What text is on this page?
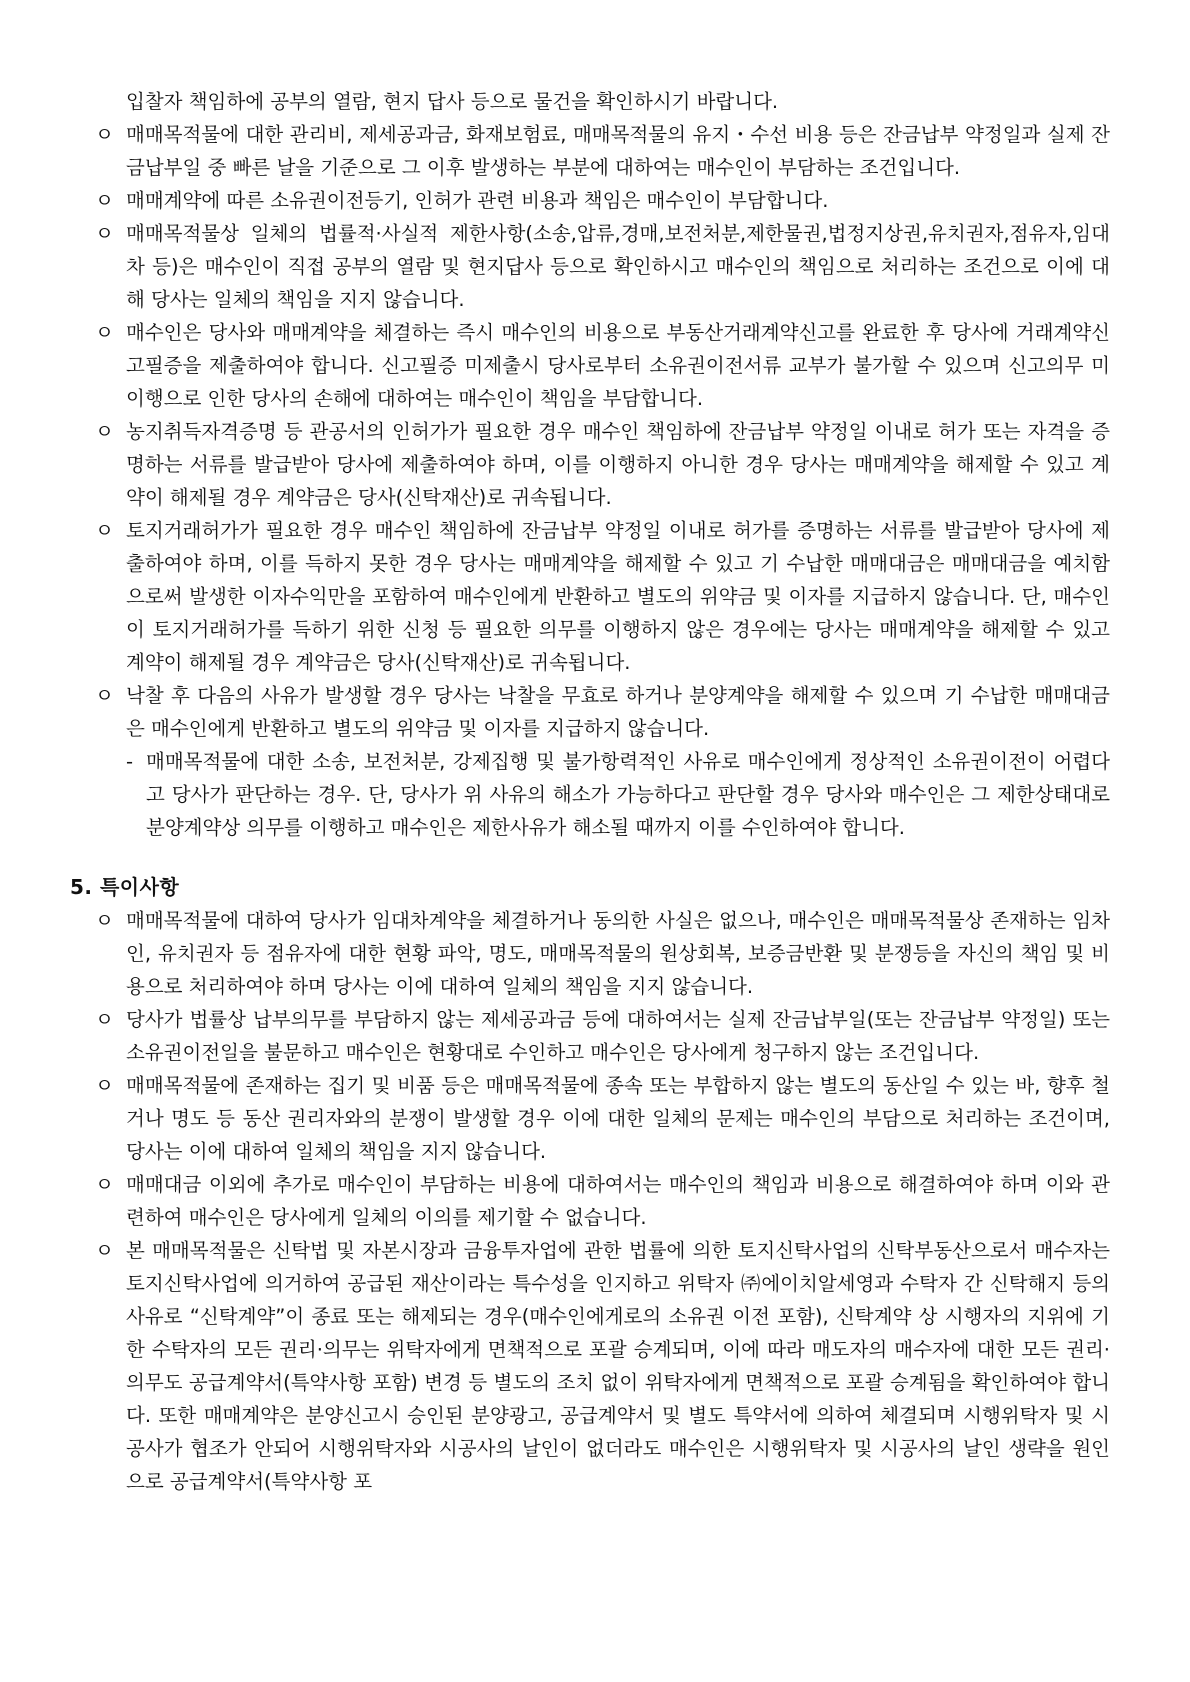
입찰자 책임하에 공부의 열람, 현지 답사 등으로 물건을 확인하시기 바랍니다.
ㅇ 매매목적물에 대한 관리비, 제세공과금, 화재보험료, 매매목적물의 유지・수선 비용 등은 잔금납부 약정일과 실제 잔금납부일 중 빠른 날을 기준으로 그 이후 발생하는 부분에 대하여는 매수인이 부담하는 조건입니다.
ㅇ 매매계약에 따른 소유권이전등기, 인허가 관련 비용과 책임은 매수인이 부담합니다.
ㅇ 매매목적물상 일체의 법률적·사실적 제한사항(소송,압류,경매,보전처분,제한물권,법정지상권,유치권자,점유자,임대차 등)은 매수인이 직접 공부의 열람 및 현지답사 등으로 확인하시고 매수인의 책임으로 처리하는 조건으로 이에 대해 당사는 일체의 책임을 지지 않습니다.
ㅇ 매수인은 당사와 매매계약을 체결하는 즉시 매수인의 비용으로 부동산거래계약신고를 완료한 후 당사에 거래계약신고필증을 제출하여야 합니다. 신고필증 미제출시 당사로부터 소유권이전서류 교부가 불가할 수 있으며 신고의무 미이행으로 인한 당사의 손해에 대하여는 매수인이 책임을 부담합니다.
ㅇ 농지취득자격증명 등 관공서의 인허가가 필요한 경우 매수인 책임하에 잔금납부 약정일 이내로 허가 또는 자격을 증명하는 서류를 발급받아 당사에 제출하여야 하며, 이를 이행하지 아니한 경우 당사는 매매계약을 해제할 수 있고 계약이 해제될 경우 계약금은 당사(신탁재산)로 귀속됩니다.
ㅇ 토지거래허가가 필요한 경우 매수인 책임하에 잔금납부 약정일 이내로 허가를 증명하는 서류를 발급받아 당사에 제출하여야 하며, 이를 득하지 못한 경우 당사는 매매계약을 해제할 수 있고 기 수납한 매매대금은 매매대금을 예치함으로써 발생한 이자수익만을 포함하여 매수인에게 반환하고 별도의 위약금 및 이자를 지급하지 않습니다. 단, 매수인이 토지거래허가를 득하기 위한 신청 등 필요한 의무를 이행하지 않은 경우에는 당사는 매매계약을 해제할 수 있고 계약이 해제될 경우 계약금은 당사(신탁재산)로 귀속됩니다.
ㅇ 낙찰 후 다음의 사유가 발생할 경우 당사는 낙찰을 무효로 하거나 분양계약을 해제할 수 있으며 기 수납한 매매대금은 매수인에게 반환하고 별도의 위약금 및 이자를 지급하지 않습니다.
- 매매목적물에 대한 소송, 보전처분, 강제집행 및 불가항력적인 사유로 매수인에게 정상적인 소유권이전이 어렵다고 당사가 판단하는 경우. 단, 당사가 위 사유의 해소가 가능하다고 판단할 경우 당사와 매수인은 그 제한상태대로 분양계약상 의무를 이행하고 매수인은 제한사유가 해소될 때까지 이를 수인하여야 합니다.
5. 특이사항
ㅇ 매매목적물에 대하여 당사가 임대차계약을 체결하거나 동의한 사실은 없으나, 매수인은 매매목적물상 존재하는 임차인, 유치권자 등 점유자에 대한 현황 파악, 명도, 매매목적물의 원상회복, 보증금반환 및 분쟁등을 자신의 책임 및 비용으로 처리하여야 하며 당사는 이에 대하여 일체의 책임을 지지 않습니다.
ㅇ 당사가 법률상 납부의무를 부담하지 않는 제세공과금 등에 대하여서는 실제 잔금납부일(또는 잔금납부 약정일) 또는 소유권이전일을 불문하고 매수인은 현황대로 수인하고 매수인은 당사에게 청구하지 않는 조건입니다.
ㅇ 매매목적물에 존재하는 집기 및 비품 등은 매매목적물에 종속 또는 부합하지 않는 별도의 동산일 수 있는 바, 향후 철거나 명도 등 동산 권리자와의 분쟁이 발생할 경우 이에 대한 일체의 문제는 매수인의 부담으로 처리하는 조건이며, 당사는 이에 대하여 일체의 책임을 지지 않습니다.
ㅇ 매매대금 이외에 추가로 매수인이 부담하는 비용에 대하여서는 매수인의 책임과 비용으로 해결하여야 하며 이와 관련하여 매수인은 당사에게 일체의 이의를 제기할 수 없습니다.
ㅇ 본 매매목적물은 신탁법 및 자본시장과 금융투자업에 관한 법률에 의한 토지신탁사업의 신탁부동산으로서 매수자는 토지신탁사업에 의거하여 공급된 재산이라는 특수성을 인지하고 위탁자 ㈜에이치알세영과 수탁자 간 신탁해지 등의 사유로 “신탁계약”이 종료 또는 해제되는 경우(매수인에게로의 소유권 이전 포함), 신탁계약 상 시행자의 지위에 기한 수탁자의 모든 권리·의무는 위탁자에게 면책적으로 포괄 승계되며, 이에 따라 매도자의 매수자에 대한 모든 권리·의무도 공급계약서(특약사항 포함) 변경 등 별도의 조치 없이 위탁자에게 면책적으로 포괄 승계됨을 확인하여야 합니다. 또한 매매계약은 분양신고시 승인된 분양광고, 공급계약서 및 별도 특약서에 의하여 체결되며 시행위탁자 및 시공사가 협조가 안되어 시행위탁자와 시공사의 날인이 없더라도 매수인은 시행위탁자 및 시공사의 날인 생략을 원인으로 공급계약서(특약사항 포
